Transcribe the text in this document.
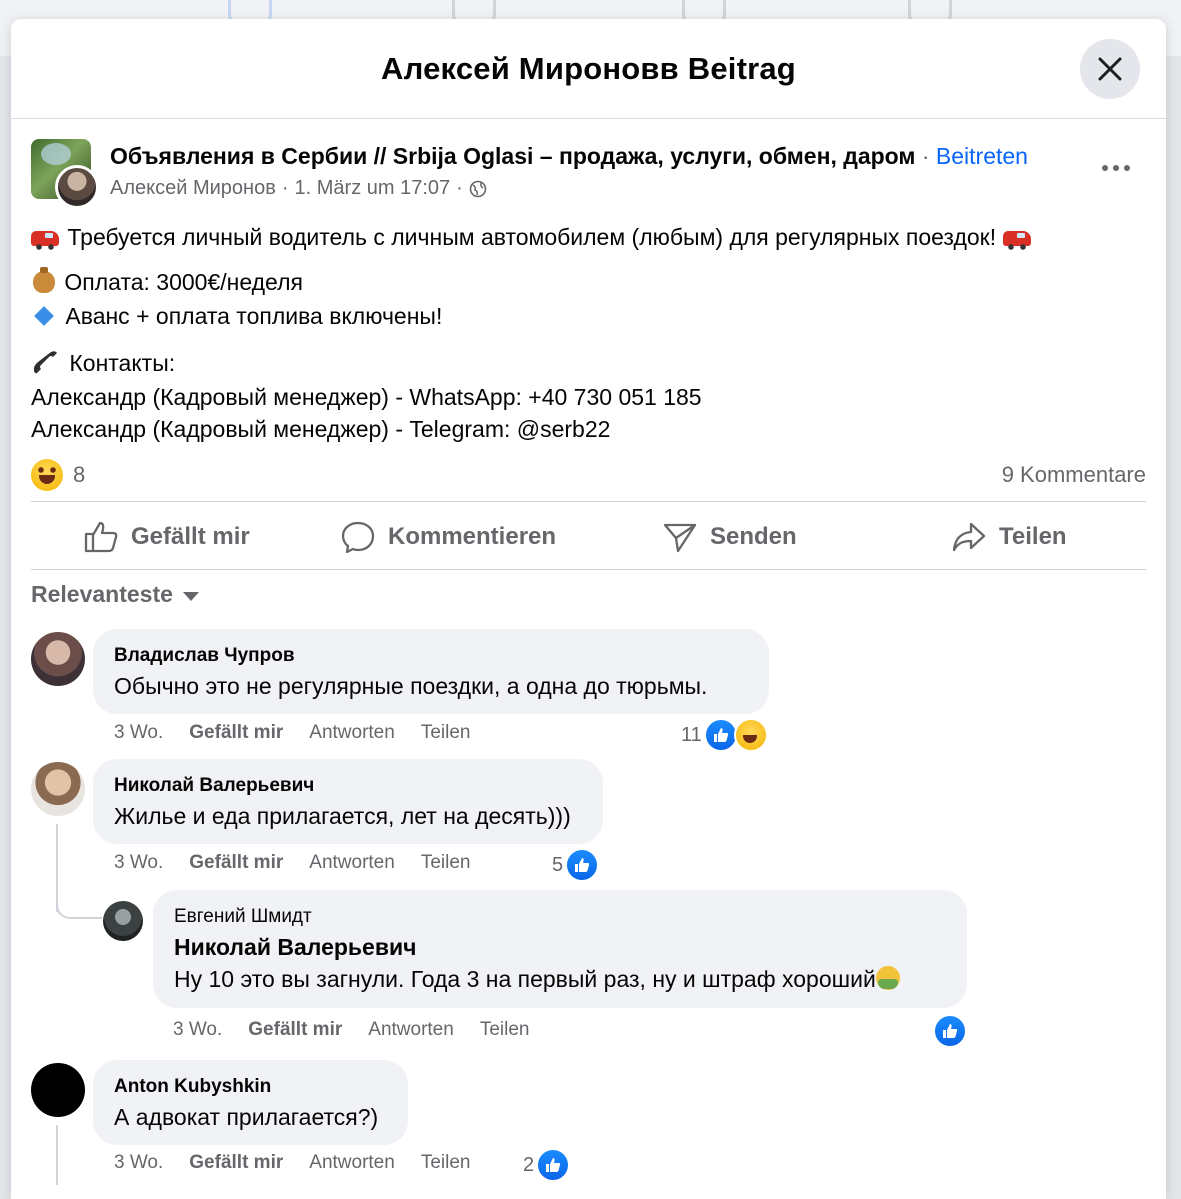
Алексей Мироновв Beitrag
Объявления в Сербии // Srbija Oglasi – продажа, услуги, обмен, даром · Beitreten
Алексей Миронов · 1. März um 17:07 ·
Требуется личный водитель с личным автомобилем (любым) для регулярных поездок!
Оплата: 3000€/неделя
Аванс + оплата топлива включены!
Контакты:
Александр (Кадровый менеджер) - WhatsApp: +40 730 051 185
Александр (Кадровый менеджер) - Telegram: @serb22
8	9 Kommentare
Gefällt mir	Kommentieren	Senden	Teilen
Relevanteste
Владислав Чупров
Обычно это не регулярные поездки, а одна до тюрьмы.
3 Wo. Gefällt mir Antworten Teilen	11
Николай Валерьевич
Жилье и еда прилагается, лет на десять)))
3 Wo. Gefällt mir Antworten Teilen	5
Евгений Шмидт
Николай Валерьевич
Ну 10 это вы загнули. Года 3 на первый раз, ну и штраф хороший
3 Wo. Gefällt mir Antworten Teilen
Anton Kubyshkin
А адвокат прилагается?)
3 Wo. Gefällt mir Antworten Teilen	2
